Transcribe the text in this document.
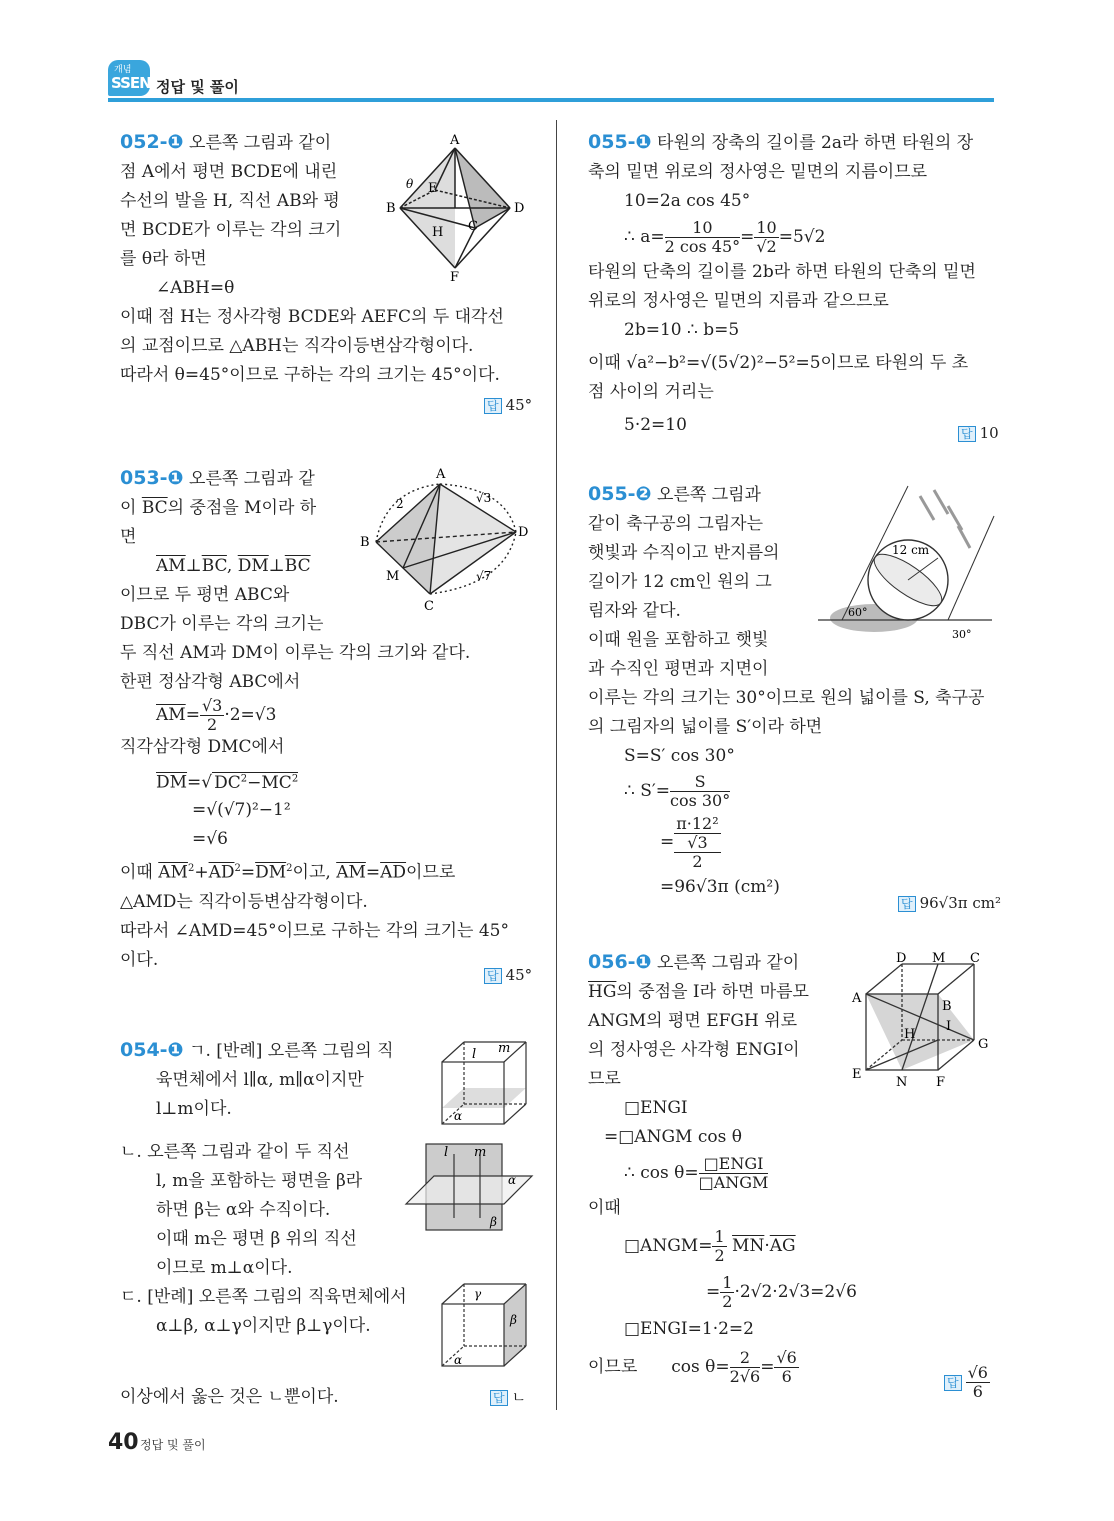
개념
SSEN 정답 및 풀이

052-❶ 오른쪽 그림과 같이

점 A에서 평면 BCDE에 내린

수선의 발을 H, 직선 AB와 평

면 BCDE가 이루는 각의 크기

를 θ라 하면

∠ABH=θ

이때 점 H는 정사각형 BCDE와 AEFC의 두 대각선

의 교점이므로 △ABH는 직각이등변삼각형이다.

따라서 θ=45°이므로 구하는 각의 크기는 45°이다.

답 45°
A
B
C
D
E
F
H
θ

053-❶ 오른쪽 그림과 같

이 $\overline{BC}$의 중점을 M이라 하

면

$\overline{AM}\perp\overline{BC}$, $\overline{DM}\perp\overline{BC}$

이므로 두 평면 ABC와

DBC가 이루는 각의 크기는

두 직선 AM과 DM이 이루는 각의 크기와 같다.

한편 정삼각형 ABC에서

$\overline{AM}= \frac{√3}{2} \cdot 2=√3$

직각삼각형 DMC에서

$\overline{DM}=√$ $DC^2-\overline{MC}^2$

=√(√7)²−1²

=√6

이때 $\overline{AM}^2+\overline{AD}^2=\overline{DM}^2$이고, $\overline{AM}=\overline{AD}$이므로

△AMD는 직각이등변삼각형이다.

따라서 ∠AMD=45°이므로 구하는 각의 크기는 45°

이다.

답 45°
A
B
C
D
M
2	√3
√7

054-❶ ㄱ. [반례] 오른쪽 그림의 직

육면체에서 l∥α, m∥α이지만

l⊥m이다.

ㄴ. 오른쪽 그림과 같이 두 직선

l, m을 포함하는 평면을 β라

하면 β는 α와 수직이다.

이때 m은 평면 β 위의 직선

이므로 m⊥α이다.

ㄷ. [반례] 오른쪽 그림의 직육면체에서

α⊥β, α⊥γ이지만 β⊥γ이다.

이상에서 옳은 것은 ㄴ뿐이다.	답 ㄴ
l m
α
l m
α
β
γ
β
α

055-❶ 타원의 장축의 길이를 2a라 하면 타원의 장

축의 밑면 위로의 정사영은 밑면의 지름이므로

10=2a cos 45°

∴ $a= \frac{10}{2 \cos 45^\circ} = \frac{10}{√2} =5√2$

타원의 단축의 길이를 2b라 하면 타원의 단축의 밑면

위로의 정사영은 밑면의 지름과 같으므로

2b=10 ∴ b=5

이때 √a²−b²=√(5√2)²−5²=5이므로 타원의 두 초

점 사이의 거리는

5·2=10	답 10

055-❷ 오른쪽 그림과

같이 축구공의 그림자는

햇빛과 수직이고 반지름의

길이가 12 cm인 원의 그

림자와 같다.

이때 원을 포함하고 햇빛

과 수직인 평면과 지면이

이루는 각의 크기는 30°이므로 원의 넓이를 S, 축구공

의 그림자의 넓이를 S′이라 하면

S=S′ cos 30°

∴ $S'= \frac{S}{\cos 30^\circ}$

= π·12²
√3
2

=96√3π (cm²)

답 96√3π cm²
12 cm
60°
30°

056-❶ 오른쪽 그림과 같이

$\overline{HG}$의 중점을 I라 하면 마름모

ANGM의 평면 EFGH 위로

의 정사영은 사각형 ENGI이

므로

□ENGI

=□ANGM cos θ

∴ $\cos \theta= \frac{\text{□ENGI}}{\text{□ANGM}}$

이때

□ANGM= $\frac{1}{2} \overline{MN}\cdot\overline{AG}$

= $\frac{1}{2} \cdot 2√2\cdot 2√3=2√6$

□ENGI=1·2=2

이므로 $\cos \theta= \frac{2}{2√6} = \frac{√6}{6}$	답 $\frac{√6}{6}$
D M C
A
B
H
I
G
E
N F
40 정답 및 풀이
